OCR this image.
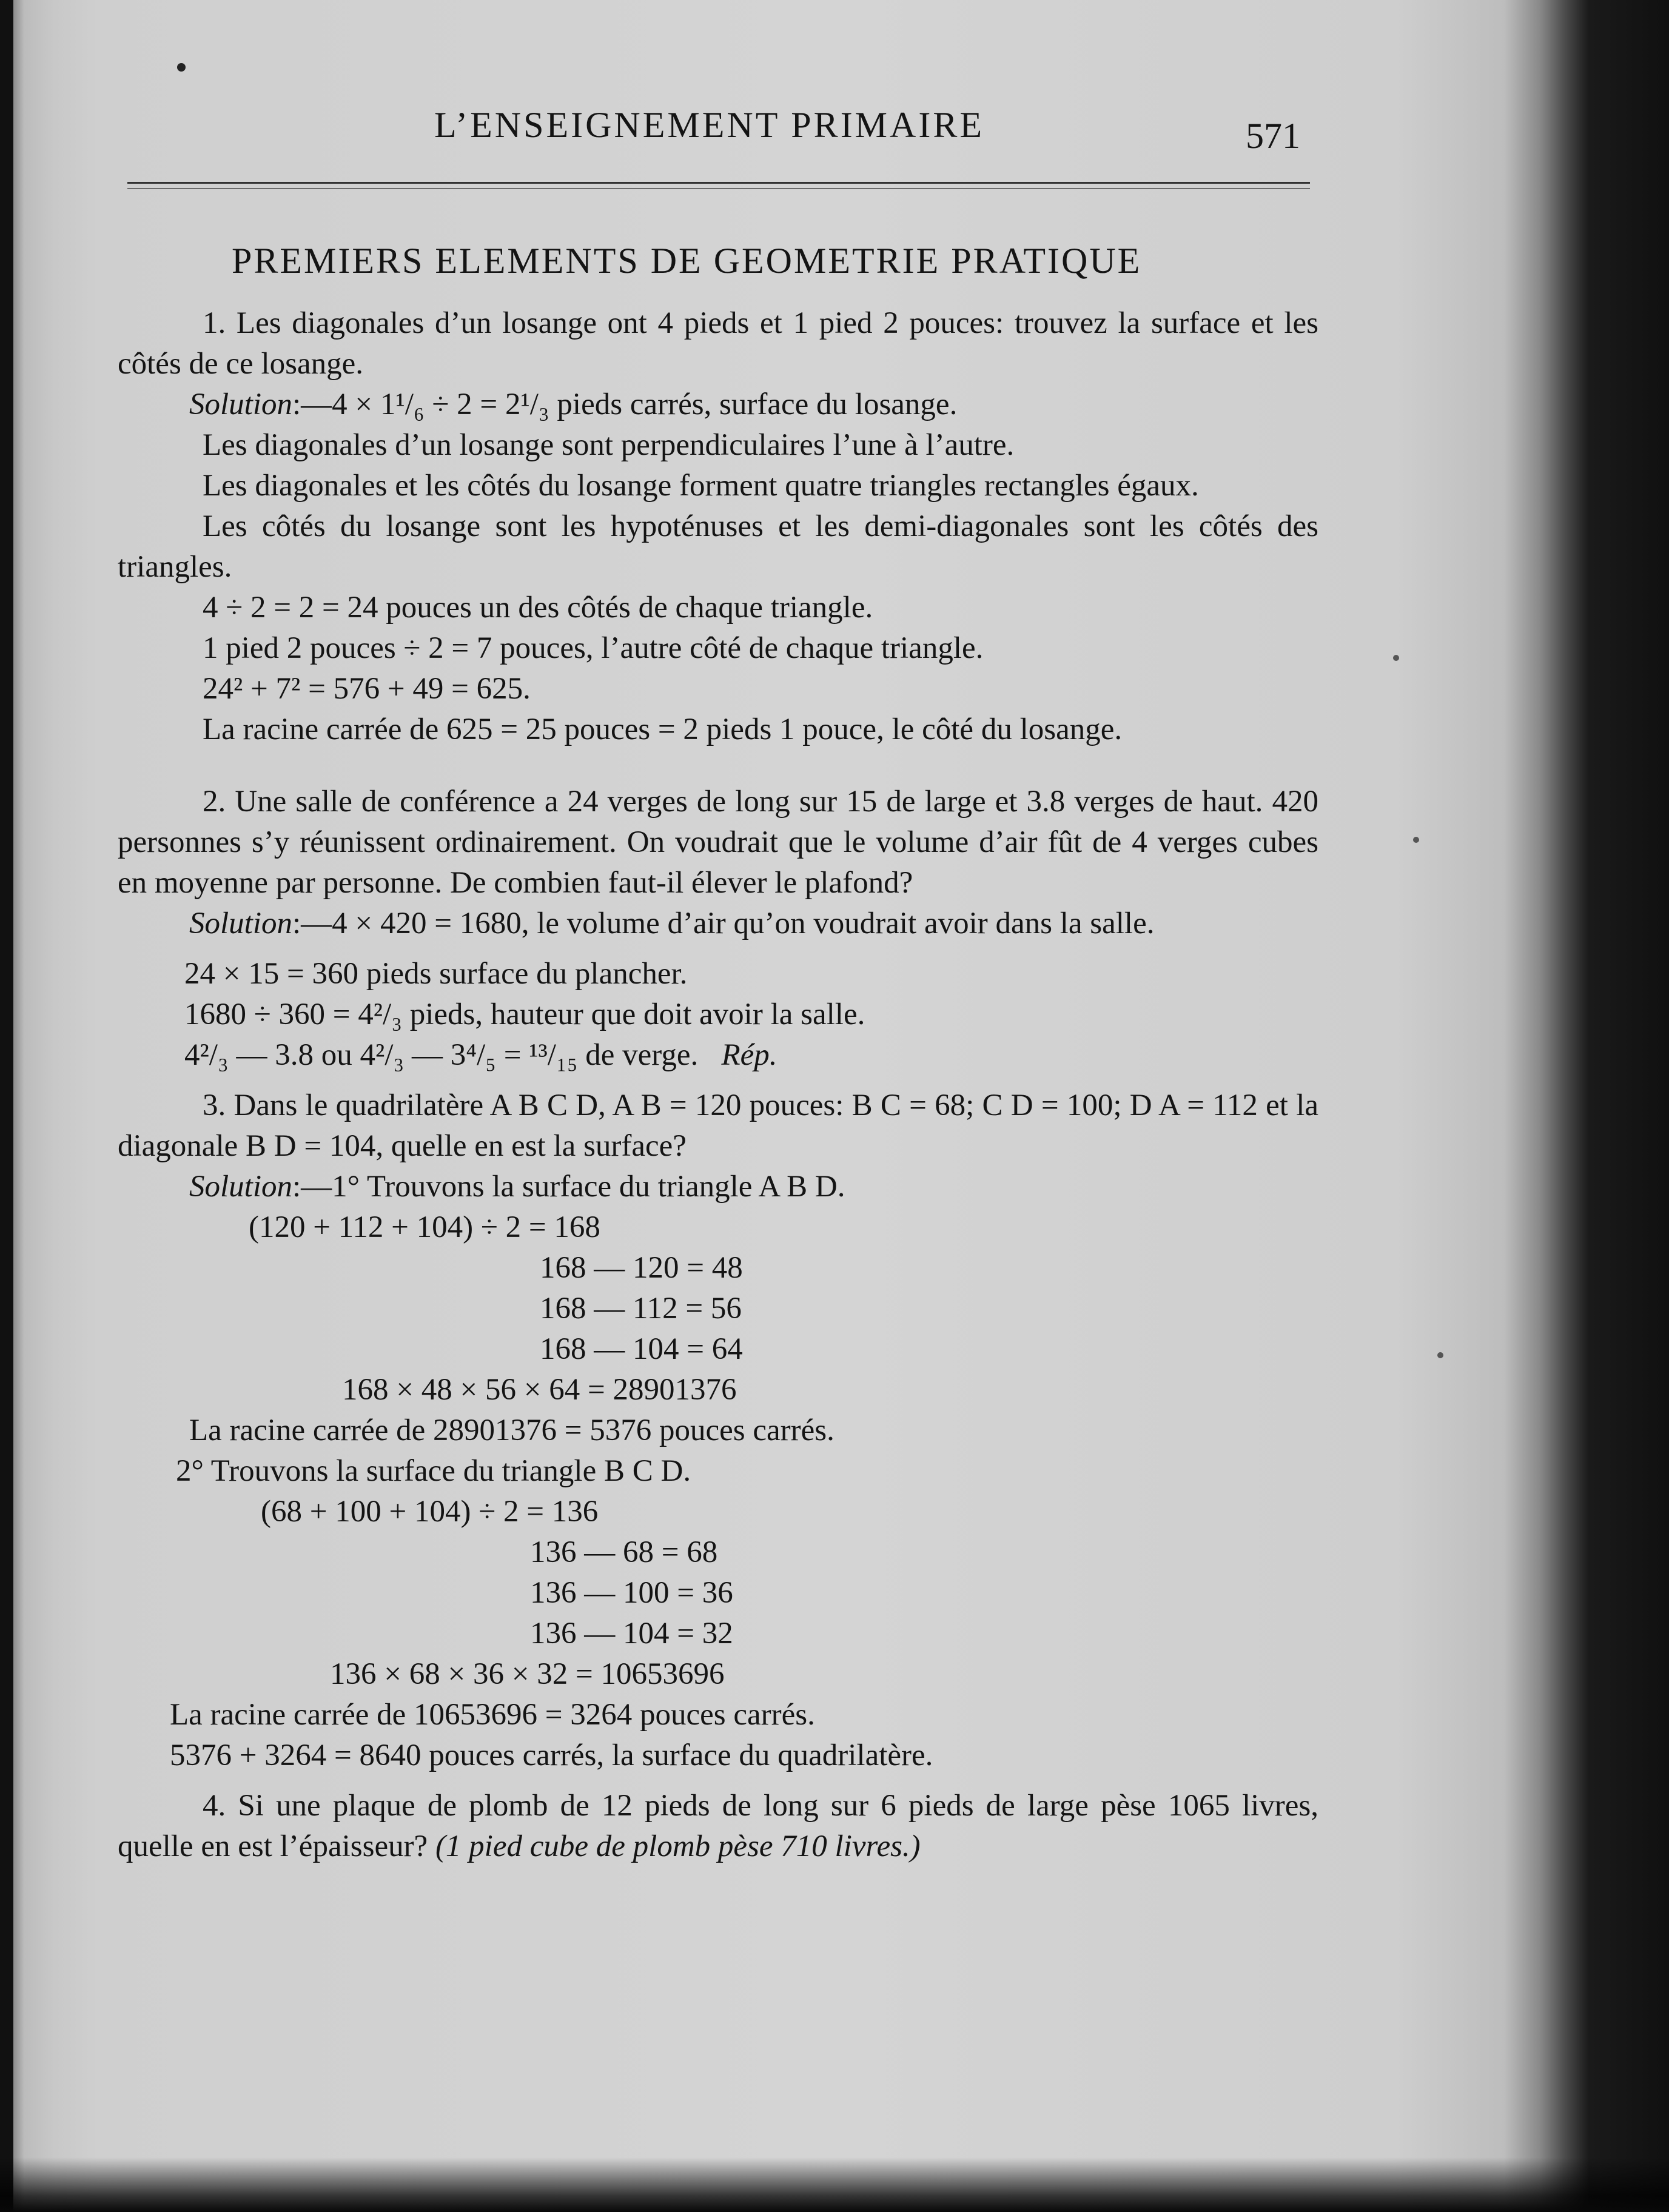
L’ENSEIGNEMENT PRIMAIRE	571
PREMIERS ELEMENTS DE GEOMETRIE PRATIQUE

1. Les diagonales d’un losange ont 4 pieds et 1 pied 2 pouces: trouvez la surface et les côtés de ce losange.

Solution:—4 × 1¹/₆ ÷ 2 = 2¹/₃ pieds carrés, surface du losange.

Les diagonales d’un losange sont perpendiculaires l’une à l’autre.

Les diagonales et les côtés du losange forment quatre triangles rectangles égaux.

Les côtés du losange sont les hypoténuses et les demi-diagonales sont les côtés des triangles.

4 ÷ 2 = 2 = 24 pouces un des côtés de chaque triangle.

1 pied 2 pouces ÷ 2 = 7 pouces, l’autre côté de chaque triangle.

24² + 7² = 576 + 49 = 625.

La racine carrée de 625 = 25 pouces = 2 pieds 1 pouce, le côté du losange.

2. Une salle de conférence a 24 verges de long sur 15 de large et 3.8 verges de haut. 420 personnes s’y réunissent ordinairement. On voudrait que le volume d’air fût de 4 verges cubes en moyenne par personne. De combien faut-il élever le plafond?

Solution:—4 × 420 = 1680, le volume d’air qu’on voudrait avoir dans la salle.

24 × 15 = 360 pieds surface du plancher.

1680 ÷ 360 = 4²/₃ pieds, hauteur que doit avoir la salle.

4²/₃ — 3.8 ou 4²/₃ — 3⁴/₅ = ¹³/₁₅ de verge. Rép.

3. Dans le quadrilatère A B C D, A B = 120 pouces: B C = 68; C D = 100; D A = 112 et la diagonale B D = 104, quelle en est la surface?

Solution:—1° Trouvons la surface du triangle A B D.

(120 + 112 + 104) ÷ 2 = 168

168 — 120 = 48

168 — 112 = 56

168 — 104 = 64

168 × 48 × 56 × 64 = 28901376

La racine carrée de 28901376 = 5376 pouces carrés.

2° Trouvons la surface du triangle B C D.

(68 + 100 + 104) ÷ 2 = 136

136 — 68 = 68

136 — 100 = 36

136 — 104 = 32

136 × 68 × 36 × 32 = 10653696

La racine carrée de 10653696 = 3264 pouces carrés.

5376 + 3264 = 8640 pouces carrés, la surface du quadrilatère.

4. Si une plaque de plomb de 12 pieds de long sur 6 pieds de large pèse 1065 livres, quelle en est l’épaisseur? (1 pied cube de plomb pèse 710 livres.)
